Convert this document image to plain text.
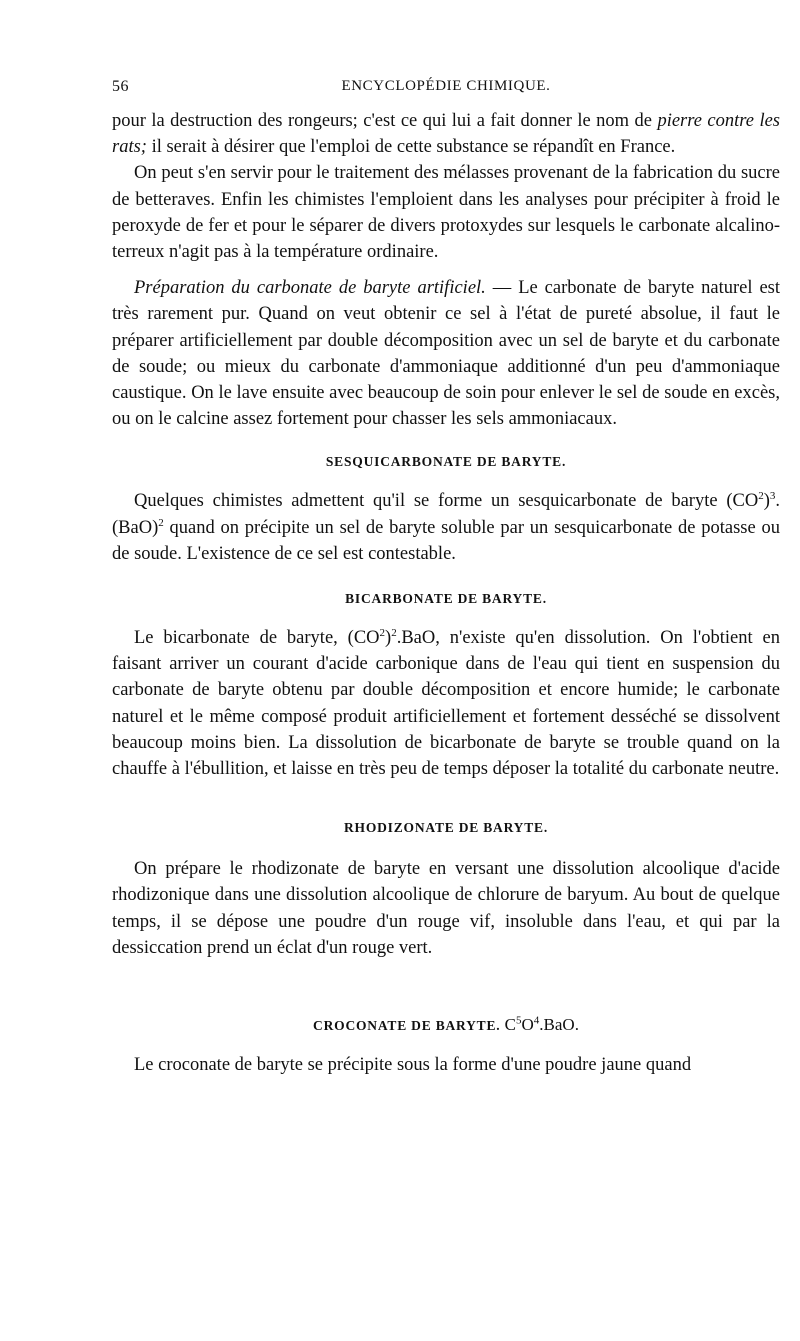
56	ENCYCLOPÉDIE CHIMIQUE.

pour la destruction des rongeurs; c'est ce qui lui a fait donner le nom de pierre contre les rats; il serait à désirer que l'emploi de cette substance se répandît en France.

On peut s'en servir pour le traitement des mélasses provenant de la fabrication du sucre de betteraves. Enfin les chimistes l'emploient dans les analyses pour précipiter à froid le peroxyde de fer et pour le séparer de divers protoxydes sur lesquels le carbonate alcalino-terreux n'agit pas à la température ordinaire.

Préparation du carbonate de baryte artificiel. — Le carbonate de baryte naturel est très rarement pur. Quand on veut obtenir ce sel à l'état de pureté absolue, il faut le préparer artificiellement par double décomposition avec un sel de baryte et du carbonate de soude; ou mieux du carbonate d'ammoniaque additionné d'un peu d'ammoniaque caustique. On le lave ensuite avec beaucoup de soin pour enlever le sel de soude en excès, ou on le calcine assez fortement pour chasser les sels ammoniacaux.

SESQUICARBONATE DE BARYTE.

Quelques chimistes admettent qu'il se forme un sesquicarbonate de baryte $(CO^2)^3.(BaO)^2$ quand on précipite un sel de baryte soluble par un sesquicarbonate de potasse ou de soude. L'existence de ce sel est contestable.

BICARBONATE DE BARYTE.

Le bicarbonate de baryte, $(CO^2)^2.BaO$, n'existe qu'en dissolution. On l'obtient en faisant arriver un courant d'acide carbonique dans de l'eau qui tient en suspension du carbonate de baryte obtenu par double décomposition et encore humide; le carbonate naturel et le même composé produit artificiellement et fortement desséché se dissolvent beaucoup moins bien. La dissolution de bicarbonate de baryte se trouble quand on la chauffe à l'ébullition, et laisse en très peu de temps déposer la totalité du carbonate neutre.

RHODIZONATE DE BARYTE.

On prépare le rhodizonate de baryte en versant une dissolution alcoolique d'acide rhodizonique dans une dissolution alcoolique de chlorure de baryum. Au bout de quelque temps, il se dépose une poudre d'un rouge vif, insoluble dans l'eau, et qui par la dessiccation prend un éclat d'un rouge vert.

CROCONATE DE BARYTE. $C^5O^4.BaO$.

Le croconate de baryte se précipite sous la forme d'une poudre jaune quand
